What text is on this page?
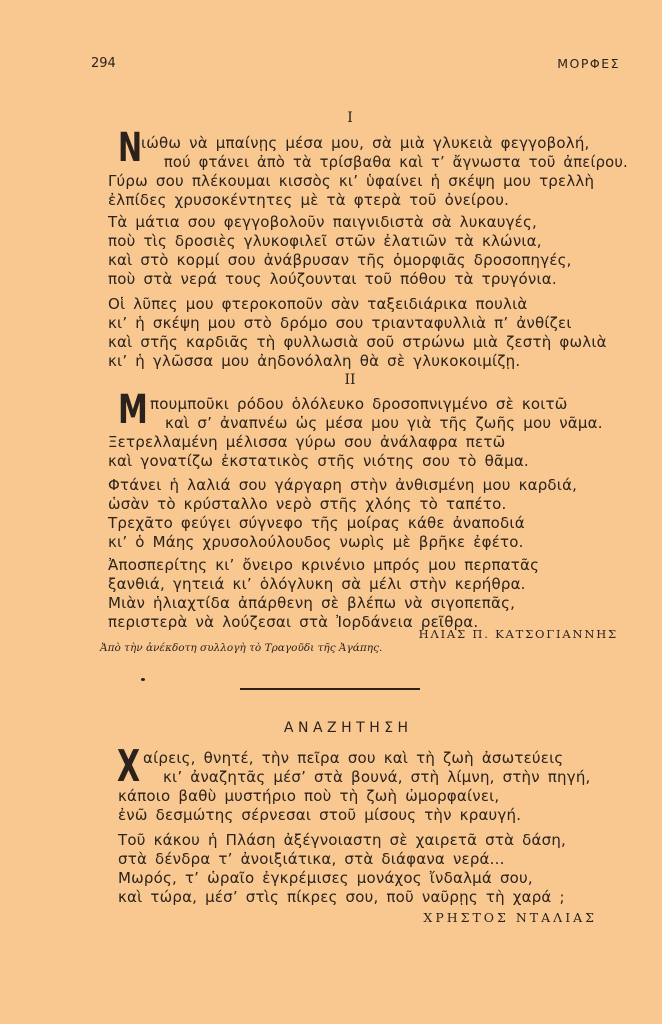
294	ΜΟΡΦΕΣ
I
Ν
ιώθω νὰ μπαίνῃς μέσα μου, σὰ μιὰ γλυκειὰ φεγγοβολή,
πού φτάνει ἀπὸ τὰ τρίσβαθα καὶ τ’ ἄγνωστα τοῦ ἀπείρου.
Γύρω σου πλέκουμαι κισσὸς κι’ ὑφαίνει ἡ σκέψη μου τρελλὴ
ἐλπίδες χρυσοκέντητες μὲ τὰ φτερὰ τοῦ ὀνείρου.
Τὰ μάτια σου φεγγοβολοῦν παιγνιδιστὰ σὰ λυκαυγές,
ποὺ τὶς δροσιὲς γλυκοφιλεῖ στῶν ἐλατιῶν τὰ κλώνια,
καὶ στὸ κορμί σου ἀνάβρυσαν τῆς ὀμορφιᾶς δροσοπηγές,
ποὺ στὰ νερά τους λούζουνται τοῦ πόθου τὰ τρυγόνια.
Οἱ λῦπες μου φτεροκοποῦν σὰν ταξειδιάρικα πουλιὰ
κι’ ἡ σκέψη μου στὸ δρόμο σου τριανταφυλλιὰ π’ ἀνθίζει
καὶ στῆς καρδιᾶς τὴ φυλλωσιὰ σοῦ στρώνω μιὰ ζεστὴ φωλιὰ
κι’ ἡ γλῶσσα μου ἀηδονόλαλη θὰ σὲ γλυκοκοιμίζῃ.
II
Μ πουμποῦκι ρόδου ὁλόλευκο δροσοπνιγμένο σὲ κοιτῶ
καὶ σ’ ἀναπνέω ὡς μέσα μου γιὰ τῆς ζωῆς μου νᾶμα.
Ξετρελλαμένη μέλισσα γύρω σου ἀνάλαφρα πετῶ
καὶ γονατίζω ἐκστατικὸς στῆς νιότης σου τὸ θᾶμα.
Φτάνει ἡ λαλιά σου γάργαρη στὴν ἀνθισμένη μου καρδιά,
ὡσὰν τὸ κρύσταλλο νερὸ στῆς χλόης τὸ ταπέτο.
Τρεχᾶτο φεύγει σύγνεφο τῆς μοίρας κάθε ἀναποδιά
κι’ ὁ Μάης χρυσολούλουδος νωρὶς μὲ βρῆκε ἐφέτο.
Ἀποσπερίτης κι’ ὄνειρο κρινένιο μπρός μου περπατᾶς
ξανθιά, γητειά κι’ ὁλόγλυκη σὰ μέλι στὴν κερήθρα.
Μιὰν ἡλιαχτίδα ἀπάρθενη σὲ βλέπω νὰ σιγοπεπᾶς,
περιστερὰ νὰ λούζεσαι στὰ Ἰορδάνεια ρεῖθρα.
ΗΛΙΑΣ Π. ΚΑΤΣΟΓΙΑΝΝΗΣ
Ἀπὸ τὴν ἀνέκδοτη συλλογὴ τὸ Τραγοῦδι τῆς Ἀγάπης.
ΑΝΑΖΗΤΗΣΗ
Χ αίρεις, θνητέ, τὴν πεῖρα σου καὶ τὴ ζωὴ ἀσωτεύεις
κι’ ἀναζητᾶς μέσ’ στὰ βουνά, στὴ λίμνη, στὴν πηγή,
κάποιο βαθὺ μυστήριο ποὺ τὴ ζωὴ ὠμορφαίνει,
ἐνῶ δεσμώτης σέρνεσαι στοῦ μίσους τὴν κραυγή.
Τοῦ κάκου ἡ Πλάση ἀξέγνοιαστη σὲ χαιρετᾶ στὰ δάση,
στὰ δένδρα τ’ ἀνοιξιάτικα, στὰ διάφανα νερά...
Μωρός, τ’ ὡραῖο ἐγκρέμισες μονάχος ἴνδαλμά σου,
καὶ τώρα, μέσ’ στὶς πίκρες σου, ποῦ ναῦρῃς τὴ χαρά ;
ΧΡΗΣΤΟΣ ΝΤΑΛΙΑΣ
